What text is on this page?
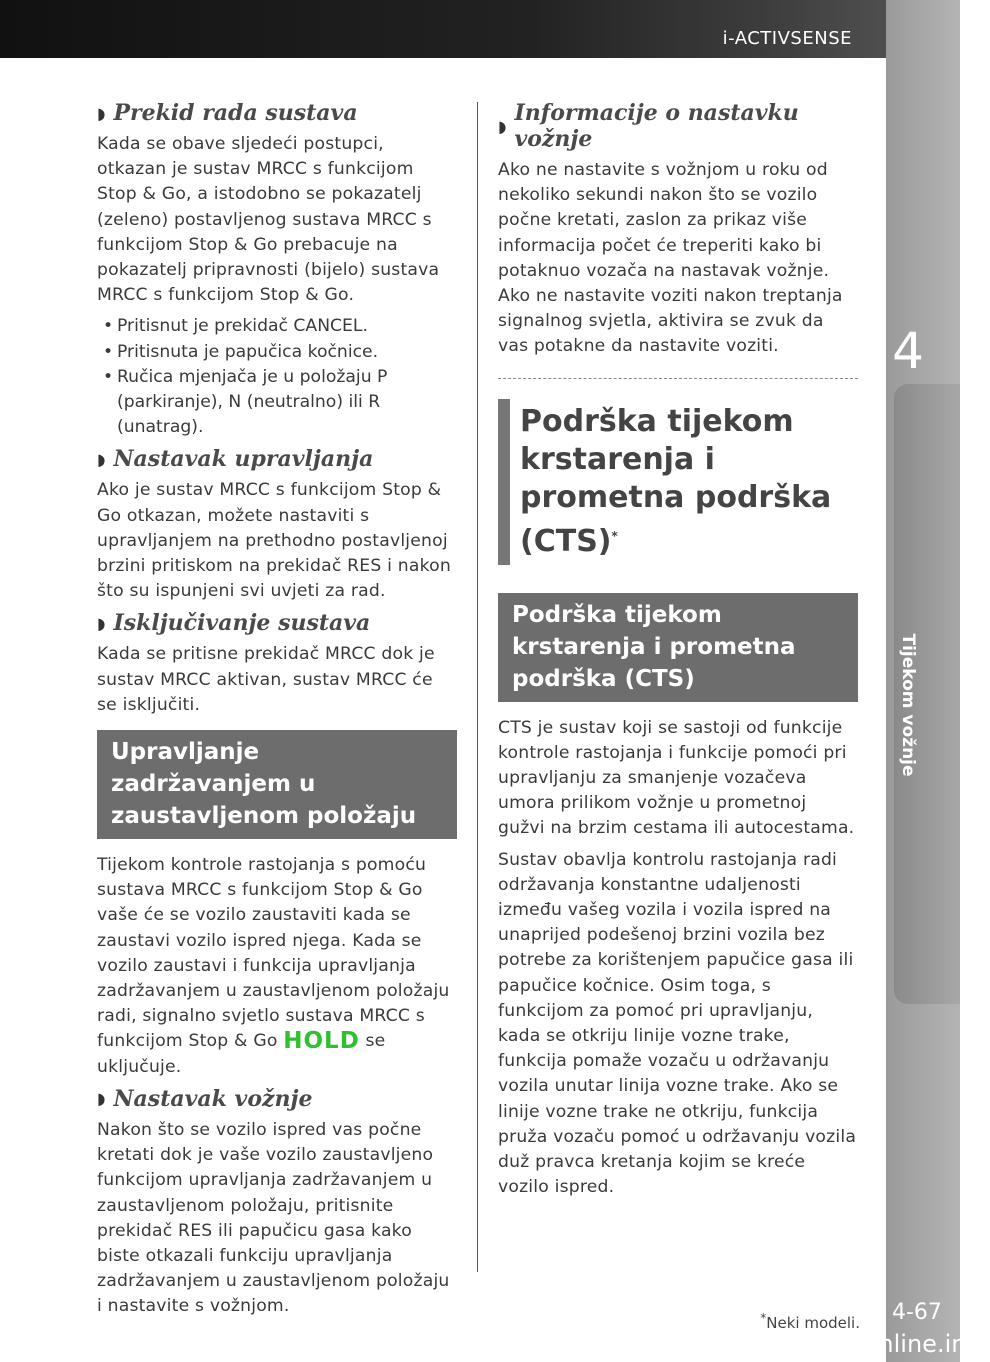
i-ACTIVSENSE
4
Tijekom vožnje
◗ Prekid rada sustava

Kada se obave sljedeći postupci, otkazan je sustav MRCC s funkcijom Stop & Go, a istodobno se pokazatelj (zeleno) postavljenog sustava MRCC s funkcijom Stop & Go prebacuje na pokazatelj pripravnosti (bijelo) sustava MRCC s funkcijom Stop & Go.

• Pritisnut je prekidač CANCEL.
• Pritisnuta je papučica kočnice.
• Ručica mjenjača je u položaju P (parkiranje), N (neutralno) ili R (unatrag).
◗ Nastavak upravljanja

Ako je sustav MRCC s funkcijom Stop & Go otkazan, možete nastaviti s upravljanjem na prethodno postavljenoj brzini pritiskom na prekidač RES i nakon što su ispunjeni svi uvjeti za rad.

◗ Isključivanje sustava

Kada se pritisne prekidač MRCC dok je sustav MRCC aktivan, sustav MRCC će se isključiti.

Upravljanje zadržavanjem u zaustavljenom položaju

Tijekom kontrole rastojanja s pomoću sustava MRCC s funkcijom Stop & Go vaše će se vozilo zaustaviti kada se zaustavi vozilo ispred njega. Kada se vozilo zaustavi i funkcija upravljanja zadržavanjem u zaustavljenom položaju radi, signalno svjetlo sustava MRCC s funkcijom Stop & Go HOLD se uključuje.

◗ Nastavak vožnje

Nakon što se vozilo ispred vas počne kretati dok je vaše vozilo zaustavljeno funkcijom upravljanja zadržavanjem u zaustavljenom položaju, pritisnite prekidač RES ili papučicu gasa kako biste otkazali funkciju upravljanja zadržavanjem u zaustavljenom položaju i nastavite s vožnjom.

◗ Informacije o nastavku vožnje

Ako ne nastavite s vožnjom u roku od nekoliko sekundi nakon što se vozilo počne kretati, zaslon za prikaz više informacija počet će treperiti kako bi potaknuo vozača na nastavak vožnje. Ako ne nastavite voziti nakon treptanja signalnog svjetla, aktivira se zvuk da vas potakne da nastavite voziti.

Podrška tijekom krstarenja i prometna podrška (CTS)*
Podrška tijekom krstarenja i prometna podrška (CTS)

CTS je sustav koji se sastoji od funkcije kontrole rastojanja i funkcije pomoći pri upravljanju za smanjenje vozačeva umora prilikom vožnje u prometnoj gužvi na brzim cestama ili autocestama.

Sustav obavlja kontrolu rastojanja radi održavanja konstantne udaljenosti između vašeg vozila i vozila ispred na unaprijed podešenoj brzini vozila bez potrebe za korištenjem papučice gasa ili papučice kočnice. Osim toga, s funkcijom za pomoć pri upravljanju, kada se otkriju linije vozne trake, funkcija pomaže vozaču u održavanju vozila unutar linija vozne trake. Ako se linije vozne trake ne otkriju, funkcija pruža vozaču pomoć u održavanju vozila duž pravca kretanja kojim se kreće vozilo ispred.

*Neki modeli. 4-67
carmanualsonline.info
